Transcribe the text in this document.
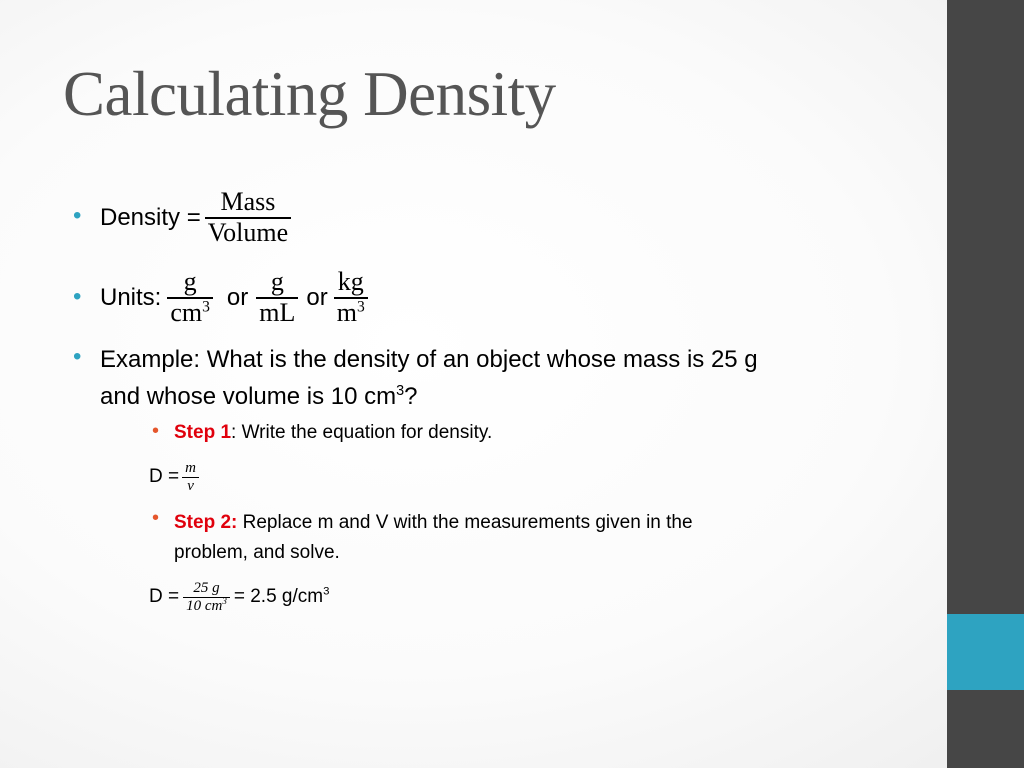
Calculating Density
• Density = $\frac{\text{Mass}}{\text{Volume}}$
• Units: $\frac{g}{cm^3}$ or $\frac{g}{mL}$ or $\frac{kg}{m^3}$
• Example: What is the density of an object whose mass is 25 g
and whose volume is 10 $cm^3$?
• Step 1: Write the equation for density.
$D = \frac{m}{v}$
• Step 2: Replace m and V with the measurements given in the
problem, and solve.
$D = \frac{25 g}{10 cm^3} = 2.5$ $g/cm^3$
